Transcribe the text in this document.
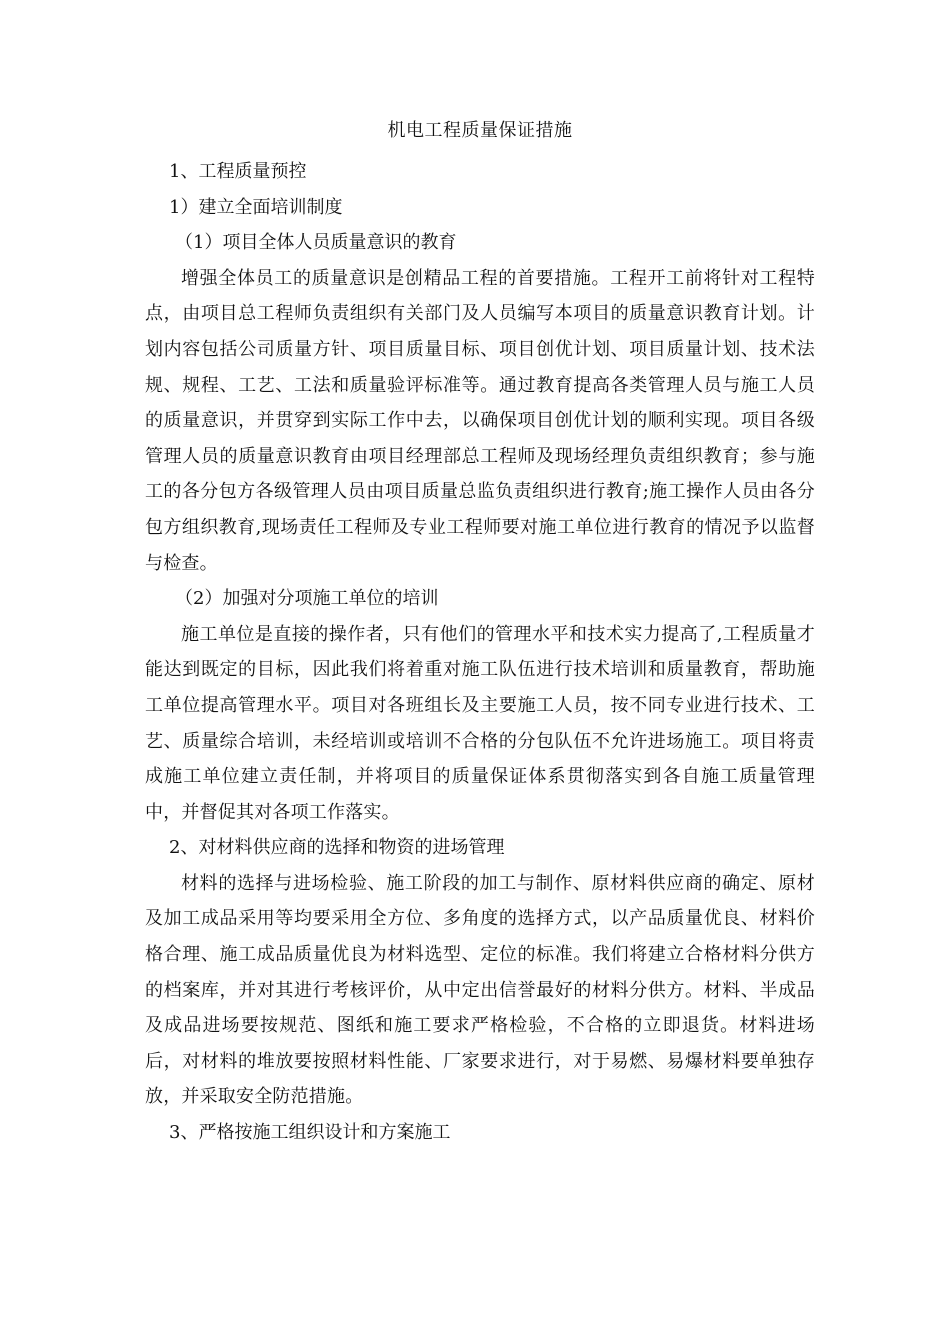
机电工程质量保证措施

1、工程质量预控

1）建立全面培训制度

（1）项目全体人员质量意识的教育

增强全体员工的质量意识是创精品工程的首要措施。工程开工前将针对工程特点，由项目总工程师负责组织有关部门及人员编写本项目的质量意识教育计划。计划内容包括公司质量方针、项目质量目标、项目创优计划、项目质量计划、技术法规、规程、工艺、工法和质量验评标准等。通过教育提高各类管理人员与施工人员的质量意识，并贯穿到实际工作中去，以确保项目创优计划的顺利实现。项目各级管理人员的质量意识教育由项目经理部总工程师及现场经理负责组织教育；参与施工的各分包方各级管理人员由项目质量总监负责组织进行教育;施工操作人员由各分包方组织教育,现场责任工程师及专业工程师要对施工单位进行教育的情况予以监督与检查。

（2）加强对分项施工单位的培训

施工单位是直接的操作者，只有他们的管理水平和技术实力提高了,工程质量才能达到既定的目标，因此我们将着重对施工队伍进行技术培训和质量教育，帮助施工单位提高管理水平。项目对各班组长及主要施工人员，按不同专业进行技术、工艺、质量综合培训，未经培训或培训不合格的分包队伍不允许进场施工。项目将责成施工单位建立责任制，并将项目的质量保证体系贯彻落实到各自施工质量管理中，并督促其对各项工作落实。

2、对材料供应商的选择和物资的进场管理

材料的选择与进场检验、施工阶段的加工与制作、原材料供应商的确定、原材及加工成品采用等均要采用全方位、多角度的选择方式，以产品质量优良、材料价格合理、施工成品质量优良为材料选型、定位的标准。我们将建立合格材料分供方的档案库，并对其进行考核评价，从中定出信誉最好的材料分供方。材料、半成品及成品进场要按规范、图纸和施工要求严格检验，不合格的立即退货。材料进场后，对材料的堆放要按照材料性能、厂家要求进行，对于易燃、易爆材料要单独存放，并采取安全防范措施。

3、严格按施工组织设计和方案施工
